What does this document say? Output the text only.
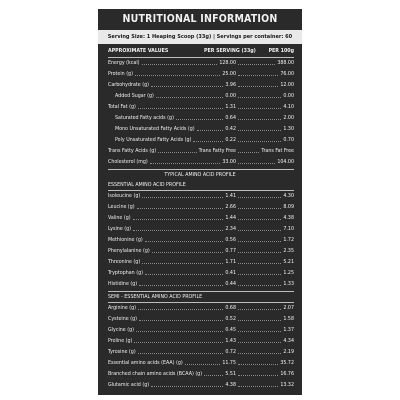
NUTRITIONAL INFORMATION
Serving Size: 1 Heaping Scoop (33g) | Servings per container: 60
APPROXIMATE VALUES	PER SERVING (33g) PER 100g
Energy (kcal)	128.00	388.00
Protein (g)	25.00	76.00
Carbohydrate (g)	3.96	12.00
Added Sugar (g)	0.00	0.00
Total Fat (g)	1.31	4.10
Saturated Fatty acids (g)	0.64	2.00
Mono Unsaturated Fatty Acids (g)	0.42	1.30
Poly Unsaturated Fatty Acids (g)	0.22	0.70
Trans Fatty Acids (g)	Trans Fatty Free	Trans Fat Free
Cholesterol (mg)	33.00	104.00
TYPICAL AMINO ACID PROFILE
ESSENTIAL AMINO ACID PROFILE
Isoleucine (g)	1.41	4.30
Leucine (g)	2.66	8.09
Valine (g)	1.44	4.38
Lysine (g)	2.34	7.10
Methionine (g)	0.56	1.72
Phenylalanine (g)	0.77	2.35
Threonine (g)	1.71	5.21
Tryptophan (g)	0.41	1.25
Histidine (g)	0.44	1.33
SEMI - ESSENTIAL AMINO ACID PROFILE
Arginine (g)	0.68	2.07
Cysteine (g)	0.52	1.58
Glycine (g)	0.45	1.37
Proline (g)	1.43	4.34
Tyrosine (g)	0.72	2.19
Essential amino acids (EAA) (g)	11.75	35.72
Branched chain amino acids (BCAA) (g)	5.51	16.76
Glutamic acid (g)	4.38	13.32
*The values are given for one serving (33g).
